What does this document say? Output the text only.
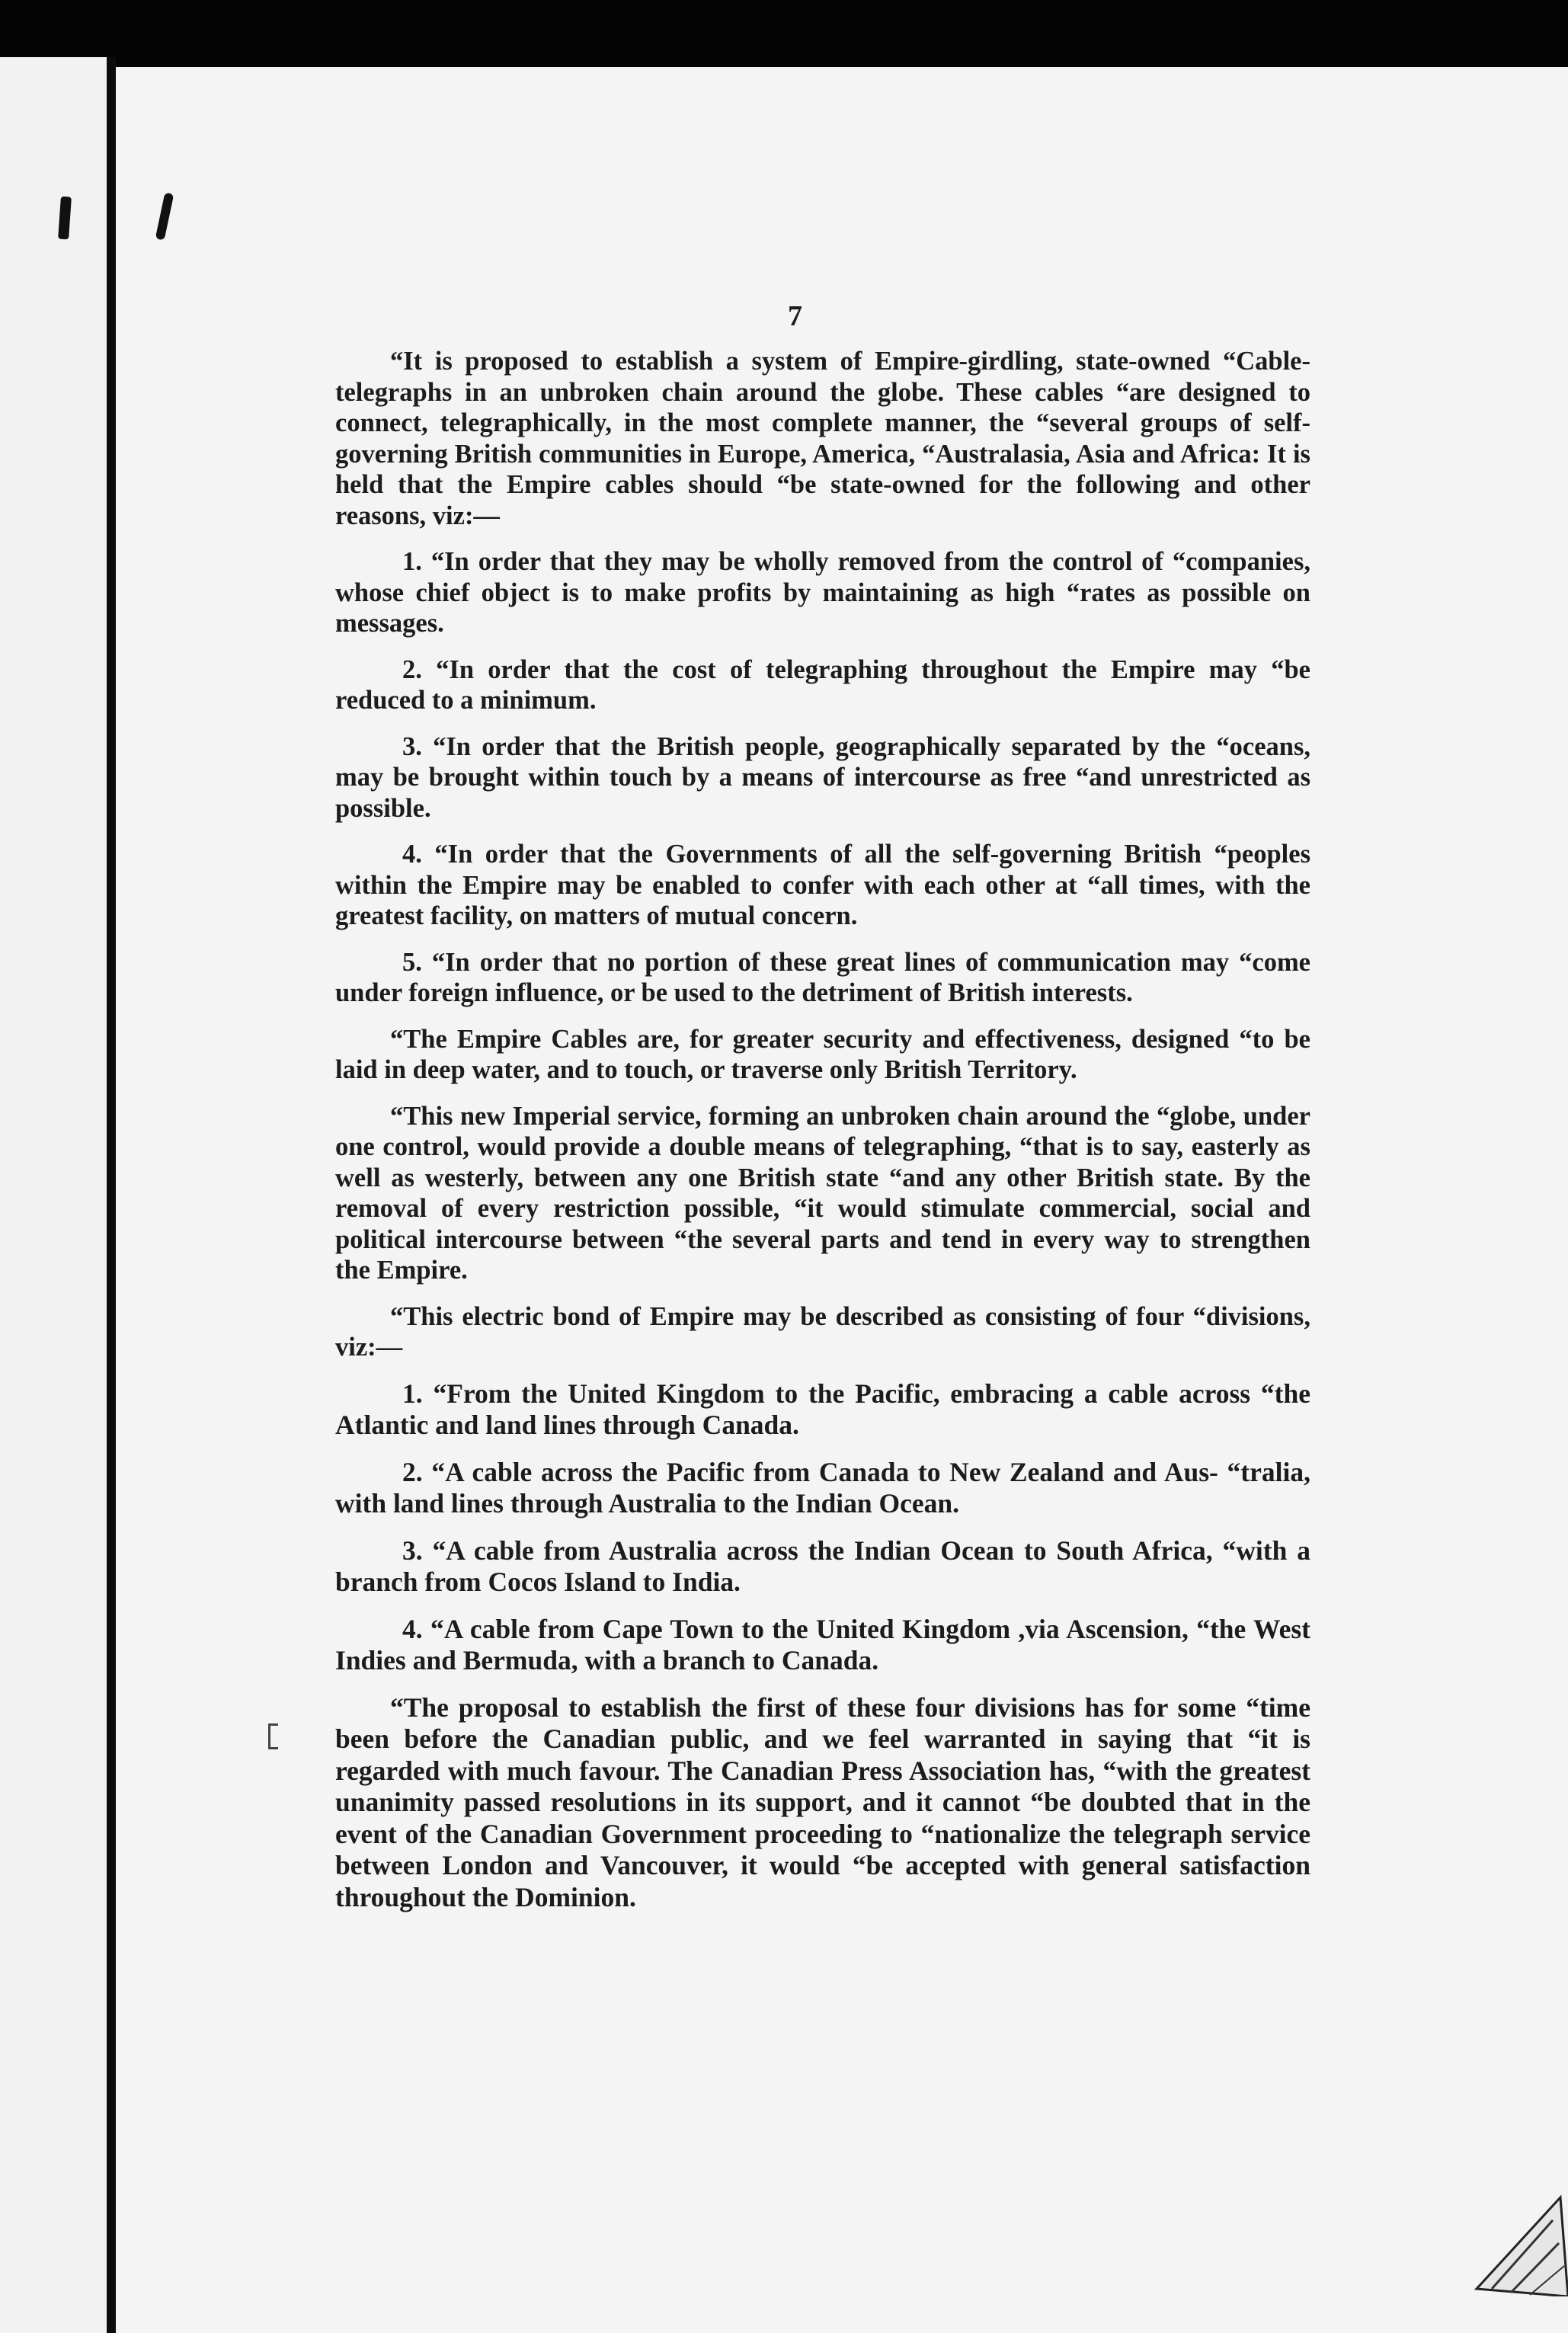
7

“It is proposed to establish a system of Empire-girdling, state-owned “Cable-telegraphs in an unbroken chain around the globe. These cables “are designed to connect, telegraphically, in the most complete manner, the “several groups of self-governing British communities in Europe, America, “Australasia, Asia and Africa: It is held that the Empire cables should “be state-owned for the following and other reasons, viz:—

1. “In order that they may be wholly removed from the control of “companies, whose chief object is to make profits by maintaining as high “rates as possible on messages.

2. “In order that the cost of telegraphing throughout the Empire may “be reduced to a minimum.

3. “In order that the British people, geographically separated by the “oceans, may be brought within touch by a means of intercourse as free “and unrestricted as possible.

4. “In order that the Governments of all the self-governing British “peoples within the Empire may be enabled to confer with each other at “all times, with the greatest facility, on matters of mutual concern.

5. “In order that no portion of these great lines of communication may “come under foreign influence, or be used to the detriment of British interests.

“The Empire Cables are, for greater security and effectiveness, designed “to be laid in deep water, and to touch, or traverse only British Territory.

“This new Imperial service, forming an unbroken chain around the “globe, under one control, would provide a double means of telegraphing, “that is to say, easterly as well as westerly, between any one British state “and any other British state. By the removal of every restriction possible, “it would stimulate commercial, social and political intercourse between “the several parts and tend in every way to strengthen the Empire.

“This electric bond of Empire may be described as consisting of four “divisions, viz:—

1. “From the United Kingdom to the Pacific, embracing a cable across “the Atlantic and land lines through Canada.

2. “A cable across the Pacific from Canada to New Zealand and Aus- “tralia, with land lines through Australia to the Indian Ocean.

3. “A cable from Australia across the Indian Ocean to South Africa, “with a branch from Cocos Island to India.

4. “A cable from Cape Town to the United Kingdom ,via Ascension, “the West Indies and Bermuda, with a branch to Canada.

“The proposal to establish the first of these four divisions has for some “time been before the Canadian public, and we feel warranted in saying that “it is regarded with much favour. The Canadian Press Association has, “with the greatest unanimity passed resolutions in its support, and it cannot “be doubted that in the event of the Canadian Government proceeding to “nationalize the telegraph service between London and Vancouver, it would “be accepted with general satisfaction throughout the Dominion.
